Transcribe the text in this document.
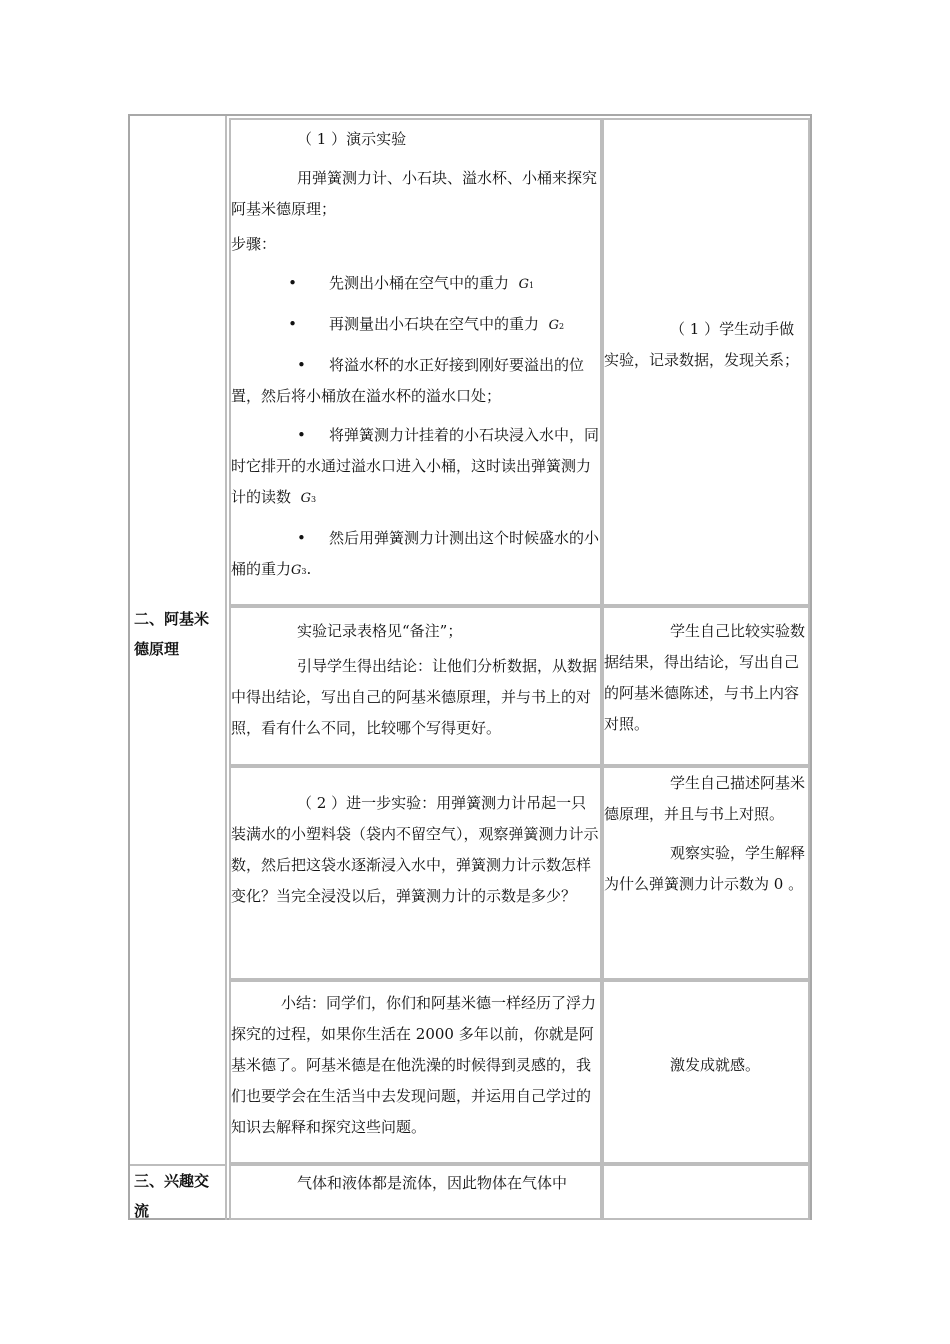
二、阿基米德原理
三、兴趣交流

（ 1 ）演示实验

用弹簧测力计、小石块、溢水杯、小桶来探究阿基米德原理；

步骤：

• 先测出小桶在空气中的重力 G1

• 再测量出小石块在空气中的重力 G2

• 将溢水杯的水正好接到刚好要溢出的位置，然后将小桶放在溢水杯的溢水口处；

• 将弹簧测力计挂着的小石块浸入水中，同时它排开的水通过溢水口进入小桶，这时读出弹簧测力计的读数 G3

• 然后用弹簧测力计测出这个时候盛水的小桶的重力G3.

（ 1 ）学生动手做实验，记录数据，发现关系；

实验记录表格见“备注”；

引导学生得出结论：让他们分析数据，从数据中得出结论，写出自己的阿基米德原理，并与书上的对照，看有什么不同，比较哪个写得更好。

学生自己比较实验数据结果，得出结论，写出自己的阿基米德陈述，与书上内容对照。

（ 2 ）进一步实验：用弹簧测力计吊起一只装满水的小塑料袋（袋内不留空气），观察弹簧测力计示数，然后把这袋水逐渐浸入水中，弹簧测力计示数怎样变化？当完全浸没以后，弹簧测力计的示数是多少？

学生自己描述阿基米德原理，并且与书上对照。

观察实验，学生解释为什么弹簧测力计示数为 0 。

小结：同学们，你们和阿基米德一样经历了浮力探究的过程，如果你生活在 2000 多年以前，你就是阿基米德了。阿基米德是在他洗澡的时候得到灵感的，我们也要学会在生活当中去发现问题，并运用自己学过的知识去解释和探究这些问题。

激发成就感。

气体和液体都是流体，因此物体在气体中
